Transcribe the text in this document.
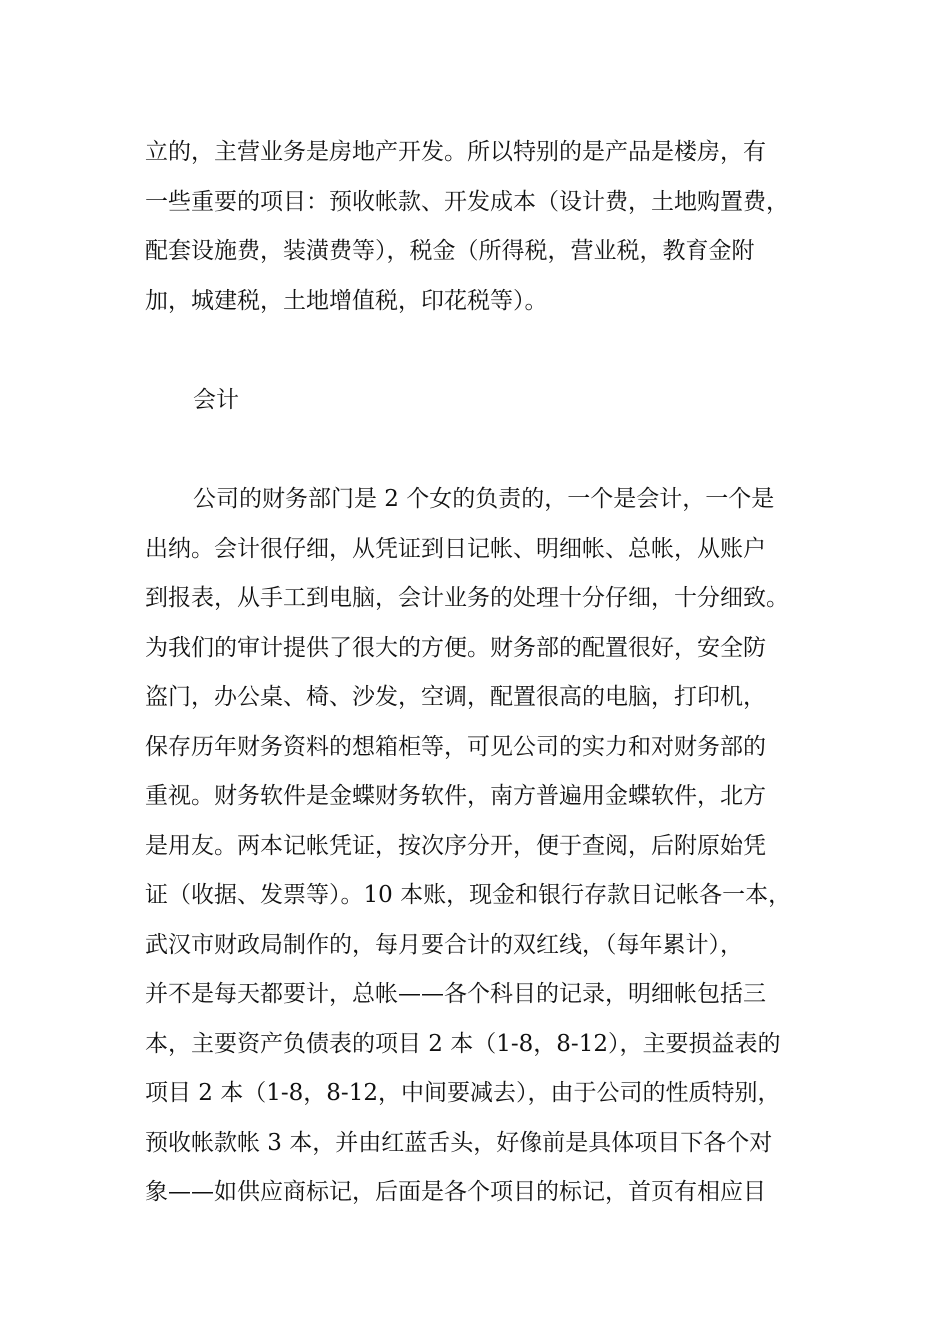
立的，主营业务是房地产开发。所以特别的是产品是楼房，有
一些重要的项目：预收帐款、开发成本（设计费，土地购置费，
配套设施费，装潢费等），税金（所得税，营业税，教育金附
加，城建税，土地增值税，印花税等）。
会计
公司的财务部门是 2 个女的负责的，一个是会计，一个是
出纳。会计很仔细，从凭证到日记帐、明细帐、总帐，从账户
到报表，从手工到电脑，会计业务的处理十分仔细，十分细致。
为我们的审计提供了很大的方便。财务部的配置很好，安全防
盗门，办公桌、椅、沙发，空调，配置很高的电脑，打印机，
保存历年财务资料的想箱柜等，可见公司的实力和对财务部的
重视。财务软件是金蝶财务软件，南方普遍用金蝶软件，北方
是用友。两本记帐凭证，按次序分开，便于查阅，后附原始凭
证（收据、发票等）。10 本账，现金和银行存款日记帐各一本，
武汉市财政局制作的，每月要合计的双红线，（每年累计），
并不是每天都要计，总帐——各个科目的记录，明细帐包括三
本，主要资产负债表的项目 2 本（1-8，8-12），主要损益表的
项目 2 本（1-8，8-12，中间要减去），由于公司的性质特别，
预收帐款帐 3 本，并由红蓝舌头，好像前是具体项目下各个对
象——如供应商标记，后面是各个项目的标记，首页有相应目
